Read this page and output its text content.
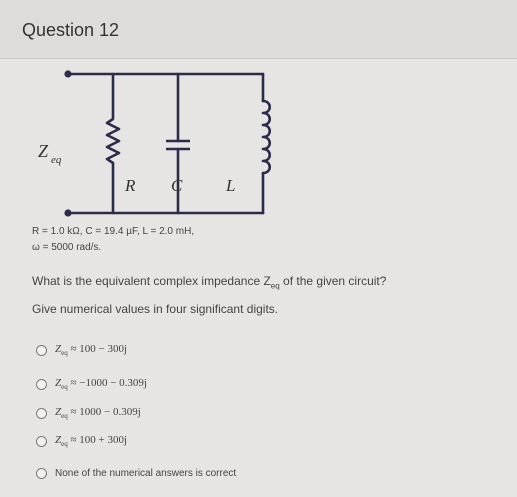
Question 12
Z eq
R C	L
R = 1.0 kΩ, C = 19.4 µF, L = 2.0 mH,
ω = 5000 rad/s.
What is the equivalent complex impedance $Z_{eq}$ of the given circuit?
Give numerical values in four significant digits.
$Z_{eq} \approx 100 - 300j$
$Z_{eq} \approx -1000 - 0.309j$
$Z_{eq} \approx 1000 - 0.309j$
$Z_{eq} \approx 100 + 300j$
None of the numerical answers is correct
